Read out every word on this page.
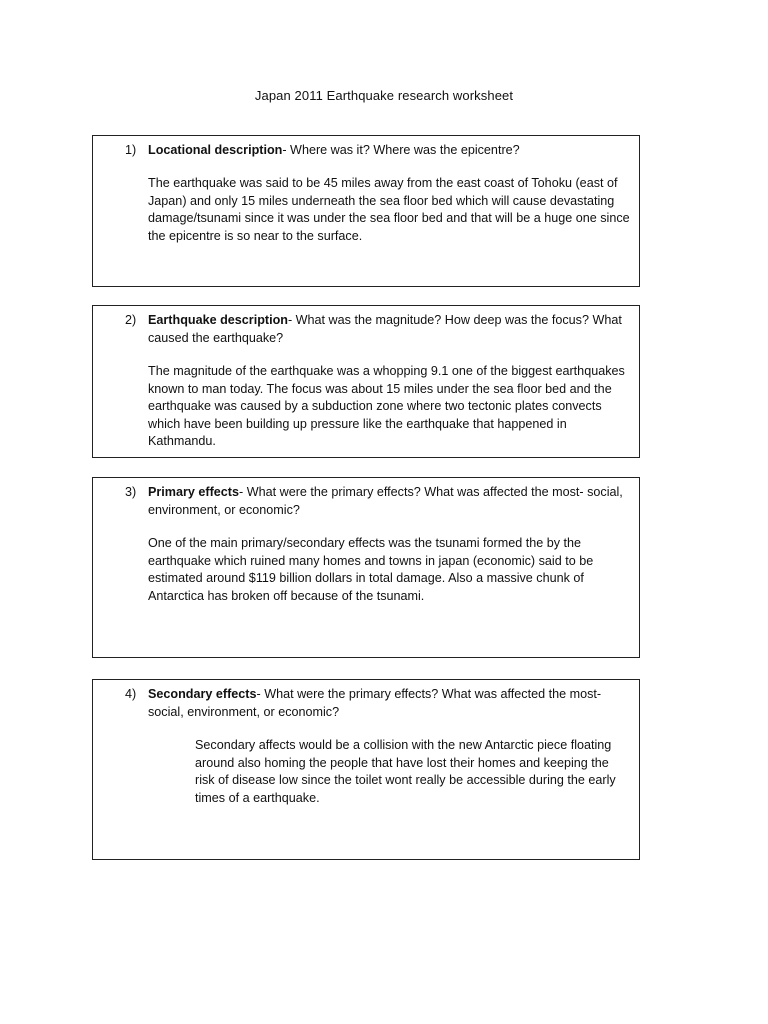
Japan 2011 Earthquake research worksheet
1) Locational description- Where was it? Where was the epicentre?
The earthquake was said to be 45 miles away from the east coast of Tohoku (east of Japan) and only 15 miles underneath the sea floor bed which will cause devastating damage/tsunami since it was under the sea floor bed and that will be a huge one since the epicentre is so near to the surface.
2) Earthquake description- What was the magnitude? How deep was the focus? What caused the earthquake?
The magnitude of the earthquake was a whopping 9.1 one of the biggest earthquakes known to man today. The focus was about 15 miles under the sea floor bed and the earthquake was caused by a subduction zone where two tectonic plates convects which have been building up pressure like the earthquake that happened in Kathmandu.
3) Primary effects- What were the primary effects? What was affected the most- social, environment, or economic?
One of the main primary/secondary effects was the tsunami formed the by the earthquake which ruined many homes and towns in japan (economic) said to be estimated around $119 billion dollars in total damage. Also a massive chunk of Antarctica has broken off because of the tsunami.
4) Secondary effects- What were the primary effects? What was affected the most- social, environment, or economic?
Secondary affects would be a collision with the new Antarctic piece floating around also homing the people that have lost their homes and keeping the risk of disease low since the toilet wont really be accessible during the early times of a earthquake.
